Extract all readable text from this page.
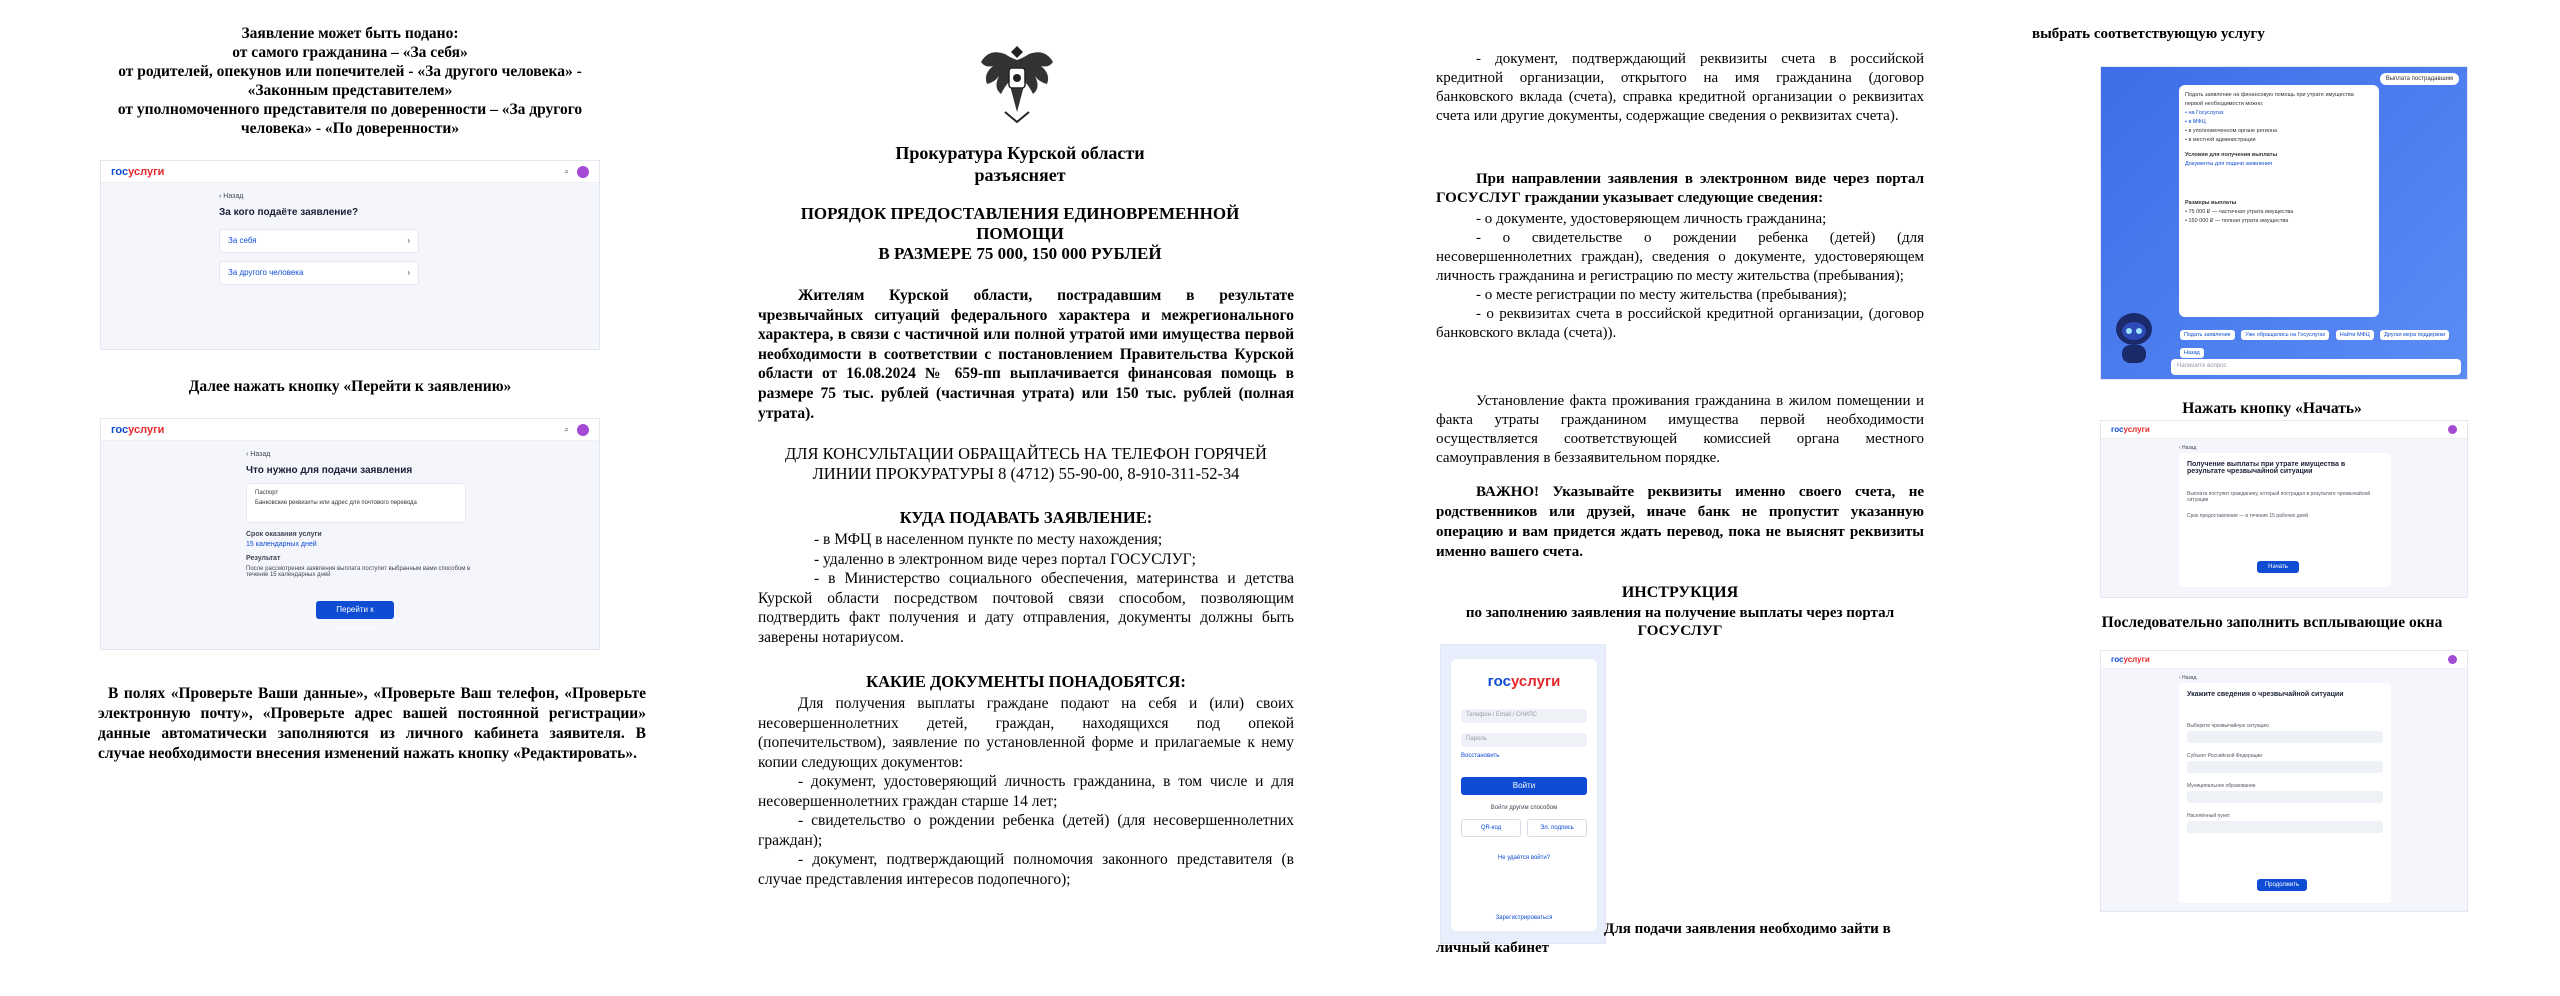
Заявление может быть подано:
от самого гражданина – «За себя»
от родителей, опекунов или попечителей - «За другого человека» - «Законным представителем»
от уполномоченного представителя по доверенности – «За другого человека» - «По доверенности»
госуслуги	⌕
‹ Назад
За кого подаёте заявление?
За себя	›
За другого человека	›
Далее нажать кнопку «Перейти к заявлению»
госуслуги	⌕
‹ Назад
Что нужно для подачи заявления
Паспорт
Банковские реквизиты или адрес для почтового перевода
Срок оказания услуги
15 календарных дней
Результат
После рассмотрения заявления выплата поступит выбранным вами способом в течение 15 календарных дней
Перейти к заявлению
В полях «Проверьте Ваши данные», «Проверьте Ваш телефон, «Проверьте электронную почту», «Проверьте адрес вашей постоянной регистрации» данные автоматически заполняются из личного кабинета заявителя. В случае необходимости внесения изменений нажать кнопку «Редактировать».
Прокуратура Курской области
разъясняет
ПОРЯДОК ПРЕДОСТАВЛЕНИЯ ЕДИНОВРЕМЕННОЙ
ПОМОЩИ
В РАЗМЕРЕ 75 000, 150 000 РУБЛЕЙ
Жителям Курской области, пострадавшим в результате чрезвычайных ситуаций федерального характера и межрегионального характера, в связи с частичной или полной утратой ими имущества первой необходимости в соответствии с постановлением Правительства Курской области от 16.08.2024 № 659-пп выплачивается финансовая помощь в размере 75 тыс. рублей (частичная утрата) или 150 тыс. рублей (полная утрата).
ДЛЯ КОНСУЛЬТАЦИИ ОБРАЩАЙТЕСЬ НА ТЕЛЕФОН ГОРЯЧЕЙ ЛИНИИ ПРОКУРАТУРЫ 8 (4712) 55-90-00, 8-910-311-52-34
КУДА ПОДАВАТЬ ЗАЯВЛЕНИЕ:
- в МФЦ в населенном пункте по месту нахождения;
- удаленно в электронном виде через портал ГОСУСЛУГ;
- в Министерство социального обеспечения, материнства и детства Курской области посредством почтовой связи способом, позволяющим подтвердить факт получения и дату отправления, документы должны быть заверены нотариусом.
КАКИЕ ДОКУМЕНТЫ ПОНАДОБЯТСЯ:
Для получения выплаты граждане подают на себя и (или) своих несовершеннолетних детей, граждан, находящихся под опекой (попечительством), заявление по установленной форме и прилагаемые к нему копии следующих документов:
- документ, удостоверяющий личность гражданина, в том числе и для несовершеннолетних граждан старше 14 лет;
- свидетельство о рождении ребенка (детей) (для несовершеннолетних граждан);
- документ, подтверждающий полномочия законного представителя (в случае представления интересов подопечного);
- документ, подтверждающий реквизиты счета в российской кредитной организации, открытого на имя гражданина (договор банковского вклада (счета), справка кредитной организации о реквизитах счета или другие документы, содержащие сведения о реквизитах счета).
При направлении заявления в электронном виде через портал ГОСУСЛУГ граждании указывает следующие сведения:
- о документе, удостоверяющем личность гражданина;
- о свидетельстве о рождении ребенка (детей) (для несовершеннолетних граждан), сведения о документе, удостоверяющем личность гражданина и регистрацию по месту жительства (пребывания);
- о месте регистрации по месту жительства (пребывания);
- о реквизитах счета в российской кредитной организации, (договор банковского вклада (счета)).
Установление факта проживания гражданина в жилом помещении и факта утраты гражданином имущества первой необходимости осуществляется соответствующей комиссией органа местного самоуправления в беззаявительном порядке.
ВАЖНО! Указывайте реквизиты именно своего счета, не родственников или друзей, иначе банк не пропустит указанную операцию и вам придется ждать перевод, пока не выяснят реквизиты именно вашего счета.
ИНСТРУКЦИЯ
по заполнению заявления на получение выплаты через портал ГОСУСЛУГ
госуслуги
Телефон / Email / СНИЛС
Пароль
Восстановить
Войти
Войти другим способом
QR-код	Эл. подпись
Не удаётся войти?
Зарегистрироваться
Для подачи заявления необходимо зайти в личный кабинет
выбрать соответствующую услугу
Выплата пострадавшим
Подать заявление на финансовую помощь при утрате имущества первой необходимости можно:
• на Госуслугах
• в МФЦ
• в уполномоченном органе региона
• в местной администрации
Условия для получения выплаты
Документы для подачи заявления
Размеры выплаты
• 75 000 ₽ — частичная утрата имущества
• 150 000 ₽ — полная утрата имущества
Подать заявление	Уже обращались на Госуслугах	Найти МФЦ	Другая мера поддержки Назад
Напишите вопрос
Нажать кнопку «Начать»
госуслуги
‹ Назад
Получение выплаты при утрате имущества в результате чрезвычайной ситуации
Выплата поступит гражданину, который пострадал в результате чрезвычайной ситуации
Срок предоставления — в течение 15 рабочих дней
Начать
Последовательно заполнить всплывающие окна
госуслуги
‹ Назад
Укажите сведения о чрезвычайной ситуации
Выберите чрезвычайную ситуацию
Субъект Российской Федерации
Муниципальное образование
Населённый пункт
Продолжить
